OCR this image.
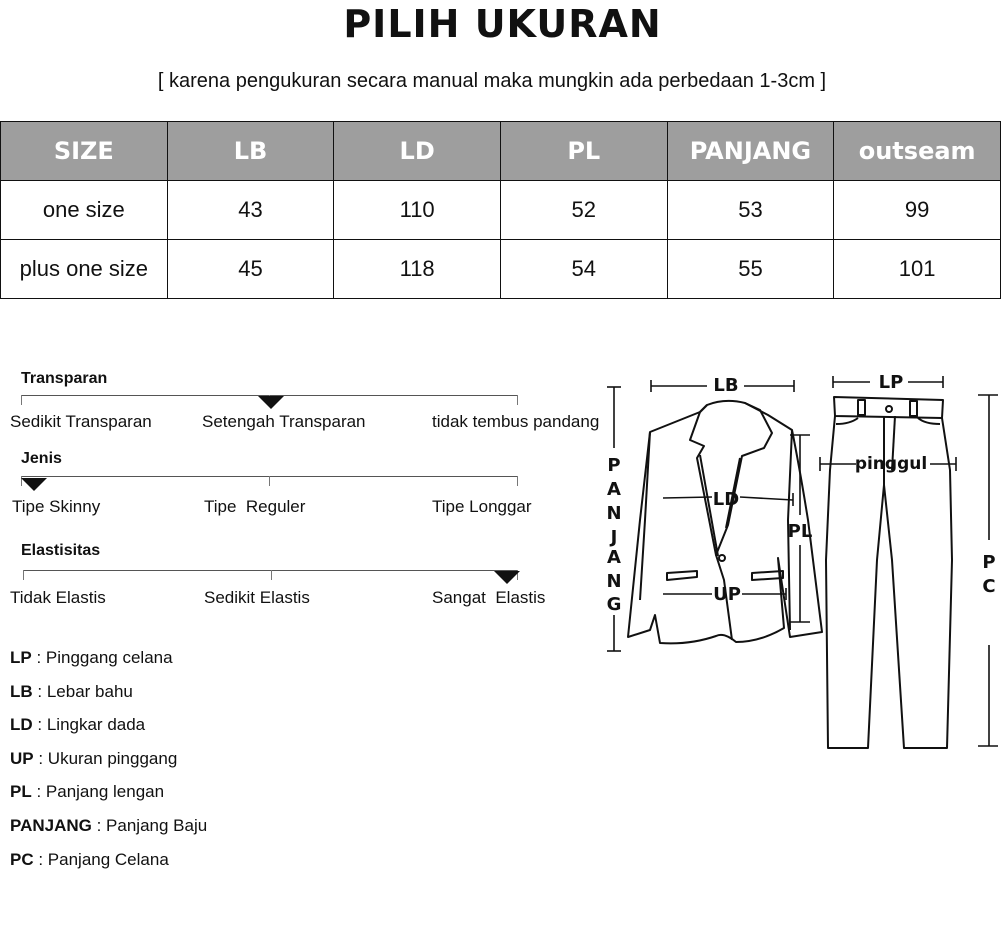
PILIH UKURAN
[ karena pengukuran secara manual maka mungkin ada perbedaan 1-3cm ]
SIZE	LB	LD	PL	PANJANG	outseam
one size	43	110	52	53	99
plus one size	45	118	54	55	101
Transparan
Sedikit Transparan	Setengah Transparan	tidak tembus pandang
Jenis
Tipe Skinny	Tipe  Reguler	Tipe Longgar
Elastisitas
Tidak Elastis	Sedikit Elastis	Sangat  Elastis
LP : Pinggang celana
LB : Lebar bahu
LD : Lingkar dada
UP : Ukuran pinggang
PL : Panjang lengan
PANJANG : Panjang Baju
PC : Panjang Celana
LB	LP
LD
UP
PL
pinggul
P
A
N
J
A
N
G
P
C
